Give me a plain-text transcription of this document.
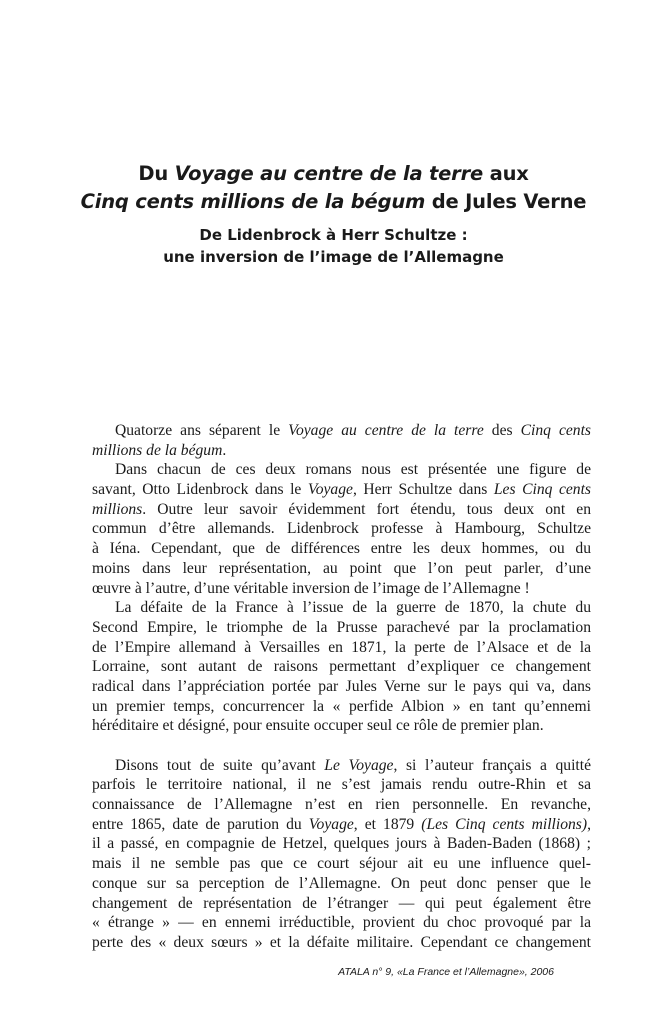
Du Voyage au centre de la terre aux
Cinq cents millions de la bégum de Jules Verne
De Lidenbrock à Herr Schultze :
une inversion de l’image de l’Allemagne
Quatorze ans séparent le Voyage au centre de la terre des Cinq cents
millions de la bégum.
Dans chacun de ces deux romans nous est présentée une figure de
savant, Otto Lidenbrock dans le Voyage, Herr Schultze dans Les Cinq cents
millions. Outre leur savoir évidemment fort étendu, tous deux ont en
commun d’être allemands. Lidenbrock professe à Hambourg, Schultze
à Iéna. Cependant, que de différences entre les deux hommes, ou du
moins dans leur représentation, au point que l’on peut parler, d’une
œuvre à l’autre, d’une véritable inversion de l’image de l’Allemagne !
La défaite de la France à l’issue de la guerre de 1870, la chute du
Second Empire, le triomphe de la Prusse parachevé par la proclamation
de l’Empire allemand à Versailles en 1871, la perte de l’Alsace et de la
Lorraine, sont autant de raisons permettant d’expliquer ce changement
radical dans l’appréciation portée par Jules Verne sur le pays qui va, dans
un premier temps, concurrencer la « perfide Albion » en tant qu’ennemi
héréditaire et désigné, pour ensuite occuper seul ce rôle de premier plan.
Disons tout de suite qu’avant Le Voyage, si l’auteur français a quitté
parfois le territoire national, il ne s’est jamais rendu outre-Rhin et sa
connaissance de l’Allemagne n’est en rien personnelle. En revanche,
entre 1865, date de parution du Voyage, et 1879 (Les Cinq cents millions),
il a passé, en compagnie de Hetzel, quelques jours à Baden-Baden (1868) ;
mais il ne semble pas que ce court séjour ait eu une influence quel-
conque sur sa perception de l’Allemagne. On peut donc penser que le
changement de représentation de l’étranger — qui peut également être
« étrange » — en ennemi irréductible, provient du choc provoqué par la
perte des « deux sœurs » et la défaite militaire. Cependant ce changement
ATALA n° 9, «La France et l’Allemagne», 2006
